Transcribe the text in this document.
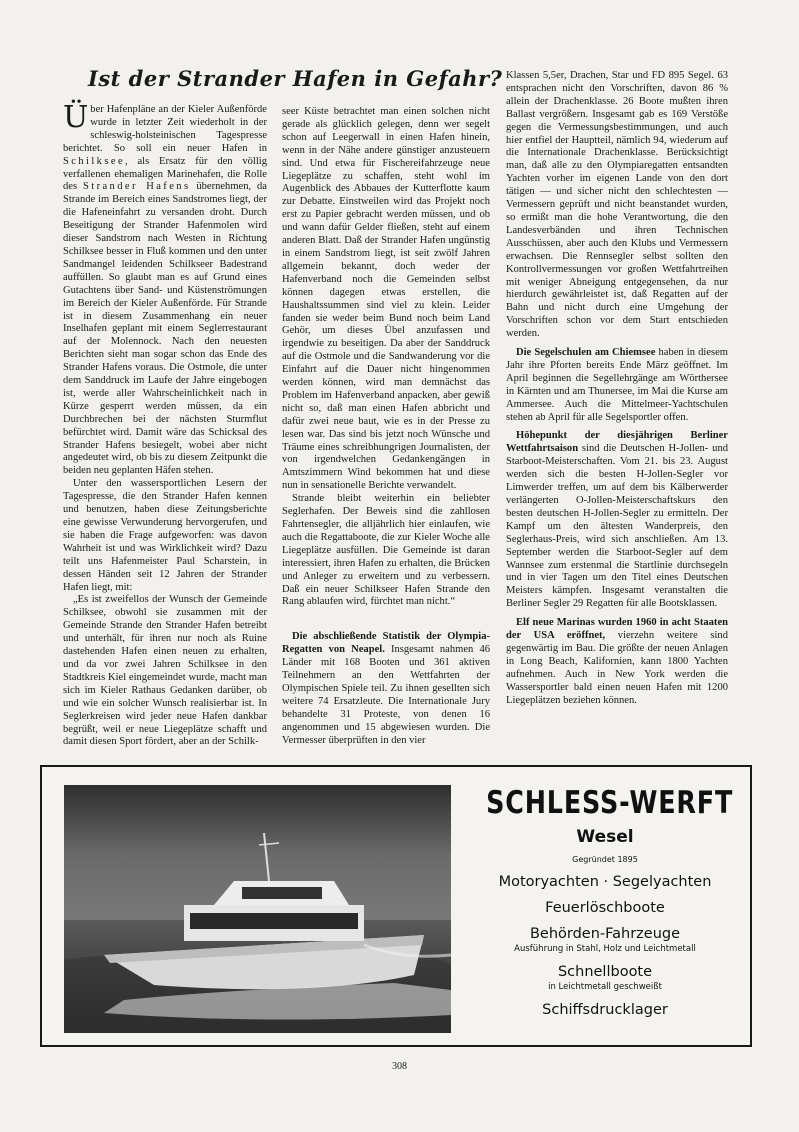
Ist der Strander Hafen in Gefahr?

Über Hafenpläne an der Kieler Außenförde wurde in letzter Zeit wiederholt in der schleswig-holsteinischen Tagespresse berichtet. So soll ein neuer Hafen in Schilksee, als Ersatz für den völlig verfallenen ehemaligen Marinehafen, die Rolle des Strander Hafens übernehmen, da Strande im Bereich eines Sandstromes liegt, der die Hafeneinfahrt zu versanden droht. Durch Beseitigung der Strander Hafenmolen wird dieser Sandstrom nach Westen in Richtung Schilksee besser in Fluß kommen und den unter Sandmangel leidenden Schilkseer Badestrand auffüllen. So glaubt man es auf Grund eines Gutachtens über Sand- und Küstenströmungen im Bereich der Kieler Außenförde. Für Strande ist in diesem Zusammenhang ein neuer Inselhafen geplant mit einem Seglerrestaurant auf der Molennock. Nach den neuesten Berichten sieht man sogar schon das Ende des Strander Hafens voraus. Die Ostmole, die unter dem Sanddruck im Laufe der Jahre eingebogen ist, werde aller Wahrscheinlichkeit nach in Kürze gesperrt werden müssen, da ein Durchbrechen bei der nächsten Sturmflut befürchtet wird. Damit wäre das Schicksal des Strander Hafens besiegelt, wobei aber nicht angedeutet wird, ob bis zu diesem Zeitpunkt die beiden neu geplanten Häfen stehen.

Unter den wassersportlichen Lesern der Tagespresse, die den Strander Hafen kennen und benutzen, haben diese Zeitungsberichte eine gewisse Verwunderung hervorgerufen, und sie haben die Frage aufgeworfen: was davon Wahrheit ist und was Wirklichkeit wird? Dazu teilt uns Hafenmeister Paul Scharstein, in dessen Händen seit 12 Jahren der Strander Hafen liegt, mit:

„Es ist zweifellos der Wunsch der Gemeinde Schilksee, obwohl sie zusammen mit der Gemeinde Strande den Strander Hafen betreibt und unterhält, für ihren nur noch als Ruine dastehenden Hafen einen neuen zu erhalten, und da vor zwei Jahren Schilksee in den Stadtkreis Kiel eingemeindet wurde, macht man sich im Kieler Rathaus Gedanken darüber, ob und wie ein solcher Wunsch realisierbar ist. In Seglerkreisen wird jeder neue Hafen dankbar begrüßt, weil er neue Liegeplätze schafft und damit diesen Sport fördert, aber an der Schilk-

seer Küste betrachtet man einen solchen nicht gerade als glücklich gelegen, denn wer segelt schon auf Leegerwall in einen Hafen hinein, wenn in der Nähe andere günstiger anzusteuern sind. Und etwa für Fischereifahrzeuge neue Liegeplätze zu schaffen, steht wohl im Augenblick des Abbaues der Kutterflotte kaum zur Debatte. Einstweilen wird das Projekt noch erst zu Papier gebracht werden müssen, und ob und wann dafür Gelder fließen, steht auf einem anderen Blatt. Daß der Strander Hafen ungünstig in einem Sandstrom liegt, ist seit zwölf Jahren allgemein bekannt, doch weder der Hafenverband noch die Gemeinden selbst können dagegen etwas erstellen, die Haushaltssummen sind viel zu klein. Leider fanden sie weder beim Bund noch beim Land Gehör, um dieses Übel anzufassen und irgendwie zu beseitigen. Da aber der Sanddruck auf die Ostmole und die Sandwanderung vor die Einfahrt auf die Dauer nicht hingenommen werden können, wird man demnächst das Problem im Hafenverband anpacken, aber gewiß nicht so, daß man einen Hafen abbricht und dafür zwei neue baut, wie es in der Presse zu lesen war. Das sind bis jetzt noch Wünsche und Träume eines schreibhungrigen Journalisten, der von irgendwelchen Gedankengängen in Amtszimmern Wind bekommen hat und diese nun in sensationelle Berichte verwandelt.

Strande bleibt weiterhin ein beliebter Seglerhafen. Der Beweis sind die zahllosen Fahrtensegler, die alljährlich hier einlaufen, wie auch die Regattaboote, die zur Kieler Woche alle Liegeplätze ausfüllen. Die Gemeinde ist daran interessiert, ihren Hafen zu erhalten, die Brücken und Anleger zu erweitern und zu verbessern. Daß ein neuer Schilkseer Hafen Strande den Rang ablaufen wird, fürchtet man nicht.“

Die abschließende Statistik der Olympia-Regatten von Neapel. Insgesamt nahmen 46 Länder mit 168 Booten und 361 aktiven Teilnehmern an den Wettfahrten der Olympischen Spiele teil. Zu ihnen gesellten sich weitere 74 Ersatzleute. Die Internationale Jury behandelte 31 Proteste, von denen 16 angenommen und 15 abgewiesen wurden. Die Vermesser überprüften in den vier

Klassen 5,5er, Drachen, Star und FD 895 Segel. 63 entsprachen nicht den Vorschriften, davon 86 % allein der Drachenklasse. 26 Boote mußten ihren Ballast vergrößern. Insgesamt gab es 169 Verstöße gegen die Vermessungsbestimmungen, und auch hier entfiel der Hauptteil, nämlich 94, wiederum auf die Internationale Drachenklasse. Berücksichtigt man, daß alle zu den Olympiaregatten entsandten Yachten vorher im eigenen Lande von den dort tätigen — und sicher nicht den schlechtesten — Vermessern geprüft und nicht beanstandet wurden, so ermißt man die hohe Verantwortung, die den Landesverbänden und ihren Technischen Ausschüssen, aber auch den Klubs und Vermessern erwachsen. Die Rennsegler selbst sollten den Kontrollvermessungen vor großen Wettfahrtreihen mit weniger Abneigung entgegensehen, da nur hierdurch gewährleistet ist, daß Regatten auf der Bahn und nicht durch eine Umgehung der Vorschriften schon vor dem Start entschieden werden.

Die Segelschulen am Chiemsee haben in diesem Jahr ihre Pforten bereits Ende März geöffnet. Im April beginnen die Segellehrgänge am Wörthersee in Kärnten und am Thunersee, im Mai die Kurse am Ammersee. Auch die Mittelmeer-Yachtschulen stehen ab April für alle Segelsportler offen.

Höhepunkt der diesjährigen Berliner Wettfahrtsaison sind die Deutschen H-Jollen- und Starboot-Meisterschaften. Vom 21. bis 23. August werden sich die besten H-Jollen-Segler vor Limwerder treffen, um auf dem bis Kälberwerder verlängerten O-Jollen-Meisterschaftskurs den besten deutschen H-Jollen-Segler zu ermitteln. Der Kampf um den ältesten Wanderpreis, den Seglerhaus-Preis, wird sich anschließen. Am 13. September werden die Starboot-Segler auf dem Wannsee zum erstenmal die Startlinie durchsegeln und in vier Tagen um den Titel eines Deutschen Meisters kämpfen. Insgesamt veranstalten die Berliner Segler 29 Regatten für alle Bootsklassen.

Elf neue Marinas wurden 1960 in acht Staaten der USA eröffnet, vierzehn weitere sind gegenwärtig im Bau. Die größte der neuen Anlagen in Long Beach, Kalifornien, kann 1800 Yachten aufnehmen. Auch in New York werden die Wassersportler bald einen neuen Hafen mit 1200 Liegeplätzen beziehen können.

SCHLESS-WERFT
Wesel
Gegründet 1895
Motoryachten · Segelyachten
Feuerlöschboote
Behörden-Fahrzeuge
Ausführung in Stahl, Holz und Leichtmetall
Schnellboote
in Leichtmetall geschweißt
Schiffsdrucklager
308
